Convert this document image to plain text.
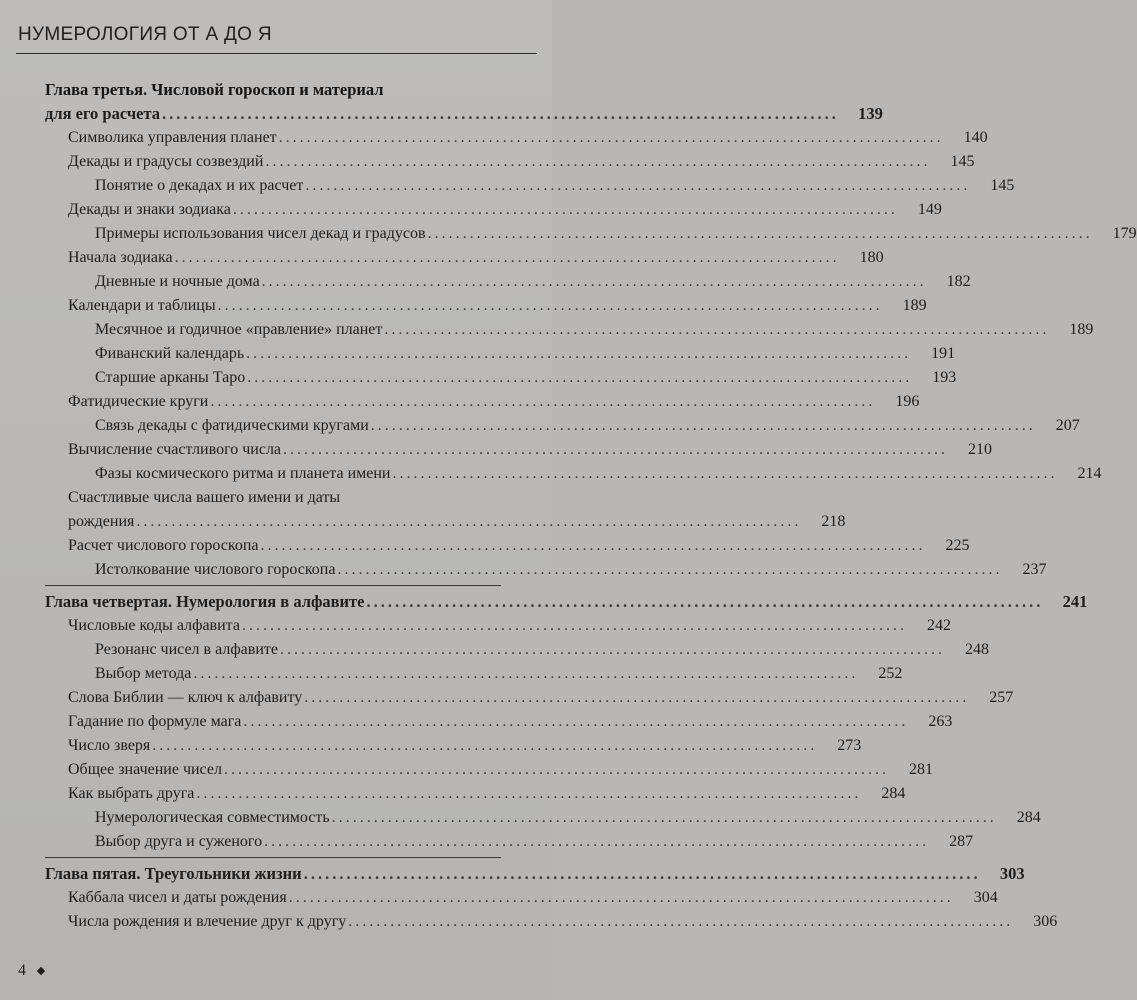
НУМЕРОЛОГИЯ ОТ А ДО Я
Глава третья. Числовой гороскоп и материал
для его расчета ...............................................................................................	139
Символика управления планет ...............................................................................................	140
Декады и градусы созвездий ...............................................................................................	145
Понятие о декадах и их расчет ...............................................................................................	145
Декады и знаки зодиака ...............................................................................................	149
Примеры использования чисел декад и градусов ...............................................................................................	179
Начала зодиака ...............................................................................................	180
Дневные и ночные дома ...............................................................................................	182
Календари и таблицы ...............................................................................................	189
Месячное и годичное «правление» планет ...............................................................................................	189
Фиванский календарь ...............................................................................................	191
Старшие арканы Таро ...............................................................................................	193
Фатидические круги ...............................................................................................	196
Связь декады с фатидическими кругами ...............................................................................................	207
Вычисление счастливого числа ...............................................................................................	210
Фазы космического ритма и планета имени ...............................................................................................	214
Счастливые числа вашего имени и даты
рождения ...............................................................................................	218
Расчет числового гороскопа ...............................................................................................	225
Истолкование числового гороскопа ...............................................................................................	237
Глава четвертая. Нумерология в алфавите ...............................................................................................	241
Числовые коды алфавита ...............................................................................................	242
Резонанс чисел в алфавите ...............................................................................................	248
Выбор метода ...............................................................................................	252
Слова Библии — ключ к алфавиту ...............................................................................................	257
Гадание по формуле мага ...............................................................................................	263
Число зверя ...............................................................................................	273
Общее значение чисел ...............................................................................................	281
Как выбрать друга ...............................................................................................	284
Нумерологическая совместимость ...............................................................................................	284
Выбор друга и суженого ...............................................................................................	287
Глава пятая. Треугольники жизни ...............................................................................................	303
Каббала чисел и даты рождения ...............................................................................................	304
Числа рождения и влечение друг к другу ...............................................................................................	306
4
